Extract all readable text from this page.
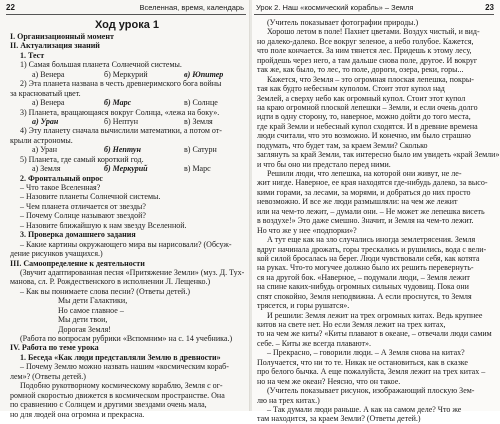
22	Вселенная, время, календарь
Ход урока 1
I. Организационный момент
II. Актуализация знаний
1. Тест
1) Самая большая планета Солнечной системы.
а) Венера	б) Меркурий	в) Юпитер
2) Эта планета названа в честь древнеримского бога войны
за красноватый цвет.
а) Венера	б) Марс	в) Солнце
3) Планета, вращающаяся вокруг Солнца, «лежа на боку».
а) Уран	б) Нептун	в) Земля
4) Эту планету сначала вычислили математики, а потом от-
крыли астрономы.
а) Уран	б) Нептун	в) Сатурн
5) Планета, где самый короткий год.
а) Земля	б) Меркурий	в) Марс
2. Фронтальный опрос
– Что такое Вселенная?
– Назовите планеты Солнечной системы.
– Чем планета отличается от звезды?
– Почему Солнце называют звездой?
– Назовите ближайшую к нам звезду Вселенной.
3. Проверка домашнего задания
– Какие картины окружающего мира вы нарисовали? (Обсуж-
дение рисунков учащихся.)
III. Самоопределение к деятельности
(Звучит адаптированная песня «Притяжение Земли» (муз. Д. Тух-
манова, сл. Р. Рождественского в исполнении Л. Лещенко.)
– Как вы понимаете слова песни? (Ответы детей.)
Мы дети Галактики,
Но самое главное –
Мы дети твои,
Дорогая Земля!
(Работа по вопросам рубрики «Вспомним» на с. 14 учебника.)
IV. Работа по теме урока
1. Беседа «Как люди представляли Землю в древности»
– Почему Землю можно назвать нашим «космическим кораб-
лем»? (Ответы детей.)
Подобно рукотворному космическому кораблю, Земля с ог-
ромной скоростью движется в космическом пространстве. Она
по сравнению с Солнцем и другими звездами очень мала,
но для людей она огромна и прекрасна.
Урок 2. Наш «космический корабль» – Земля	23
(Учитель показывает фотографии природы.)
Хорошо летом в поле! Пахнет цветами. Воздух чистый, и вид-
но далеко-далеко. Все вокруг зеленое, а небо голубое. Кажется,
что поле кончается. За ним тянется лес. Придешь к этому лесу,
пройдешь через него, а там дальше снова поле, другое. И вокруг
так же, как было, то лес, то поле, дороги, озера, реки, горы...
Кажется, что Земля – это огромная плоская лепешка, покры-
тая как будто небесным куполом. Стоит этот купол над
Землей, а сверху небо как огромный купол. Стоит этот купол
на краю огромной плоской лепешки – Земли, и если очень долго
идти в одну сторону, то, наверное, можно дойти до того места,
где край Земли и небесный купол сходятся. И в древние времена
люди считали, что это возможно. И конечно, им было страшно
подумать, что будет там, за краем Земли? Сколько
заглянуть за край Земли, так интересно было им увидеть «край Земли»
и что бы оно ни предстало перед ними.
Решили люди, что лепешка, на которой они живут, не ле-
жит нигде. Наверное, ее края находятся где-нибудь далеко, за высо-
кими горами, за лесами, за морями, и добраться до них просто
невозможно. И все же люди размышляли: на чем же лежит
или на чем-то лежит, – думали они. – Не может же лепешка висеть
в воздухе!» Это даже смешно. Значит, и Земля на чем-то лежит.
Но что же у нее «подпорки»?
А тут еще как на зло случались иногда землетрясения. Земля
вдруг начинала дрожать, горы трескались и рушились, вода с вели-
кой силой бросалась на берег. Люди чувствовали себя, как котята
на руках. Что-то могучее должно было их решить перевернуть-
ся на другой бок. «Наверное, – подумали люди, – Земля лежит
на спине каких-нибудь огромных сильных чудовищ. Пока они
спят спокойно, Земля неподвижна. А если проснутся, то Земля
трясется, и горы рушатся».
И решили: Земля лежит на трех огромных китах. Ведь крупнее
китов на свете нет. Но если Земля лежит на трех китах,
то на чем же киты? «Киты плавают в океане, – отвечали люди самим
себе. – Киты же всегда плавают».
– Прекрасно, – говорили люди. – А Земля снова на китах?
Получается, что ни то те. Никак не остановиться, как в сказке
про белого бычка. А еще пожалуйста, Земля лежит на трех китах –
но на чем же океан? Неясно, что он такое.
(Учитель показывает рисунок, изображающий плоскую Зем-
лю на трех китах.)
– Так думали люди раньше. А как на самом деле? Что же
там находится, за краем Земли? (Ответы детей.)
